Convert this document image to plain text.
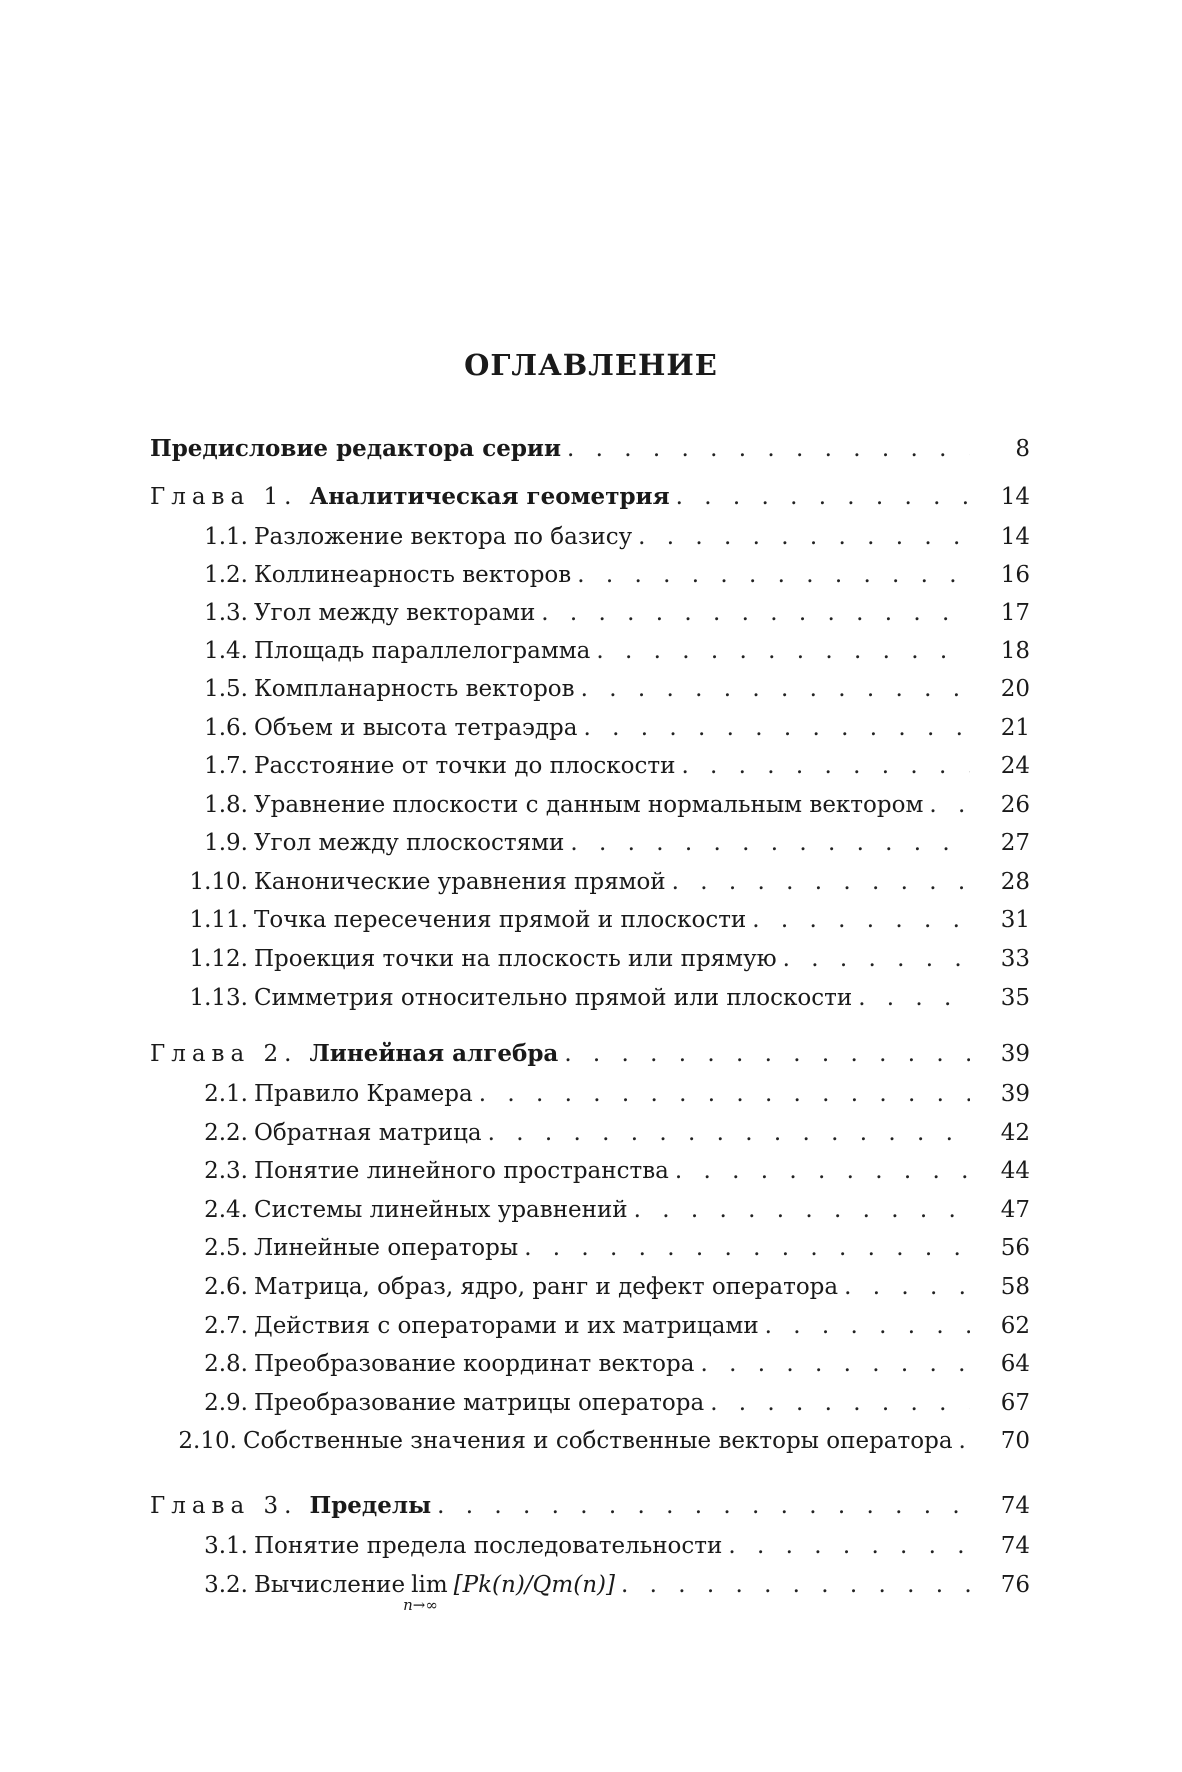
ОГЛАВЛЕНИЕ
Предисловие редактора серии . . .	8
Глава 1. Аналитическая геометрия . . .	14
1.1. Разложение вектора по базису . . .	14
1.2. Коллинеарность векторов . . .	16
1.3. Угол между векторами . . .	17
1.4. Площадь параллелограмма . . .	18
1.5. Компланарность векторов . . .	20
1.6. Объем и высота тетраэдра . . .	21
1.7. Расстояние от точки до плоскости . . .	24
1.8. Уравнение плоскости с данным нормальным вектором . . .	26
1.9. Угол между плоскостями . . .	27
1.10. Канонические уравнения прямой . . .	28
1.11. Точка пересечения прямой и плоскости . . .	31
1.12. Проекция точки на плоскость или прямую . . .	33
1.13. Симметрия относительно прямой или плоскости . . .	35
Глава 2. Линейная алгебра . . .	39
2.1. Правило Крамера . . .	39
2.2. Обратная матрица . . .	42
2.3. Понятие линейного пространства . . .	44
2.4. Системы линейных уравнений . . .	47
2.5. Линейные операторы . . .	56
2.6. Матрица, образ, ядро, ранг и дефект оператора . . .	58
2.7. Действия с операторами и их матрицами . . .	62
2.8. Преобразование координат вектора . . .	64
2.9. Преобразование матрицы оператора . . .	67
2.10. Собственные значения и собственные векторы оператора . . .	70
Глава 3. Пределы . . .	74
3.1. Понятие предела последовательности . . .	74
3.2. Вычисление lim
n→∞
[Pk(n)/Qm(n)] . . .	76
